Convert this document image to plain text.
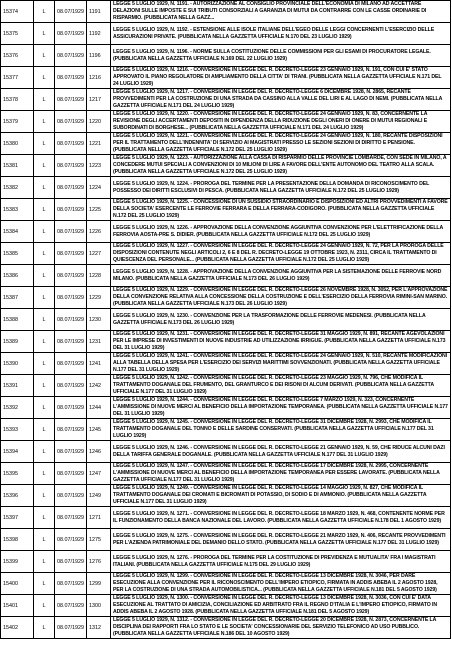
15374	L	08.07/1929	1191	LEGGE 5 LUGLIO 1929, N. 1191. - AUTORIZZAZIONE AL CONSIGLIO PROVINCIALE DELL'ECONOMIA DI MILANO AD ACCETTARE DELAZIONI SULLE IMPOSTE E SUI TRIBUTI CONSORZIALI A GARANZIA DI MUTUI DA CONTRARRE CON LE CASSE ORDINARIE DI RISPARMIO. (PUBBLICATA NELLA GAZZ...

15375	L	08.07/1929	1192	LEGGE 5 LUGLIO 1929, N. 1192. - ESTENSIONE ALLE ISOLE ITALIANE DELL'EGEO DELLE LEGGI CONCERNENTI L'ESERCIZIO DELLE ASSICURAZIONI PRIVATE. (PUBBLICATA NELLA GAZZETTA UFFICIALE N.170 DEL 23 LUGLIO 1929)

15376	L	08.07/1929	1196	LEGGE 5 LUGLIO 1929, N. 1196. - NORME SULLA COSTITUZIONE DELLE COMMISSIONI PER GLI ESAMI DI PROCURATORE LEGALE. (PUBBLICATA NELLA GAZZETTA UFFICIALE N.169 DEL 22 LUGLIO 1929)

15377	L	08.07/1929	1216	LEGGE 5 LUGLIO 1929, N. 1216. - CONVERSIONE IN LEGGE DEL R. DECRETO-LEGGE 23 GENNAIO 1929, N. 191, CON CUI E' STATO APPROVATO IL PIANO REGOLATORE DI AMPLIAMENTO DELLA CITTA' DI TRANI. (PUBBLICATA NELLA GAZZETTA UFFICIALE N.171 DEL 24 LUGLIO 1929)

15378	L	08.07/1929	1217	LEGGE 5 LUGLIO 1929, N. 1217. - CONVERSIONE IN LEGGE DEL R. DECRETO-LEGGE 6 DICEMBRE 1928, N. 2865, RECANTE PROVVEDIMENTI PER LA COSTRUZIONE DI UNA STRADA DA CASSINO ALLA VALLE DEL LIRI E AL LAGO DI NEMI. (PUBBLICATA NELLA GAZZETTA UFFICIALE N.171 DEL 24 LUGLIO 1929)

15379	L	08.07/1929	1220	LEGGE 5 LUGLIO 1929, N. 1220. - CONVERSIONE IN LEGGE DEL R. DECRETO-LEGGE 24 GENNAIO 1929, N. 83, CONCERNENTE LA REVISIONE DEGLI ACCERTAMENTI DEPOSITI IN DIPENDENZA DELLA RIDUZIONE DEGLI ONERI DI ONERE DI MUTUI REGIONALI E SUBORDINATI DI BORGHESE... (PUBBLICATA NELLA GAZZETTA UFFICIALE N.171 DEL 24 LUGLIO 1929)

15380	L	08.07/1929	1221	LEGGE 5 LUGLIO 1929, N. 1221. - CONVERSIONE IN LEGGE DEL R. DECRETO-LEGGE 24 GENNAIO 1929, N. 180, RECANTE DISPOSIZIONI PER IL TRATTAMENTO DELL'INDENNITA' DI SERVIZIO AI MAGISTRATI PRESSO LE SEZIONI SEZIONI DI DIRITTO E PENSIONE. (PUBBLICATA NELLA GAZZETTA UFFICIALE N.172 DEL 25 LUGLIO 1929)

15381	L	08.07/1929	1223	LEGGE 5 LUGLIO 1929, N. 1223. - AUTORIZZAZIONE ALLA CASSA DI RISPARMIO DELLE PROVINCIE LOMBARDE, CON SEDE IN MILANO, A CONCEDERE MUTUI SPECIALI A CONVENZIONI DI 10 MILIONI DI LIRE A FAVORE DELL'ENTE AUTONOMO DEL TEATRO ALLA SCALA. (PUBBLICATA NELLA GAZZETTA UFFICIALE N.172 DEL 25 LUGLIO 1929)

15382	L	08.07/1929	1224	LEGGE 5 LUGLIO 1929, N. 1224. - PROROGA DEL TERMINE PER LA PRESENTAZIONE DELLA DOMANDA DI RICONOSCIMENTO DEL POSSESSO DEI DIRITTI ESCLUSIVI DI PESCA. (PUBBLICATA NELLA GAZZETTA UFFICIALE N.172 DEL 25 LUGLIO 1929)

15383	L	08.07/1929	1225	LEGGE 5 LUGLIO 1929, N. 1225. - CONCESSIONE DI UN SUSSIDIO STRAORDINARIO E DISPOSIZIONI ED ALTRI PROVVEDIMENTI A FAVORE DELLA SOCIETA' ESERCENTE LE FERROVIE FERRARA E DELLA FERRARA-CODIGORO. (PUBBLICATA NELLA GAZZETTA UFFICIALE N.172 DEL 25 LUGLIO 1929)

15384	L	08.07/1929	1226	LEGGE 5 LUGLIO 1929, N. 1226. - APPROVAZIONE DELLA CONVENZIONE AGGIUNTIVA CONVENZIONE PER L'ELETTRIFICAZIONE DELLA FERROVIA AOSTA-PRE S. DIDIER. (PUBBLICATA NELLA GAZZETTA UFFICIALE N.172 DEL 25 LUGLIO 1929)

15385	L	08.07/1929	1227	LEGGE 5 LUGLIO 1929, N. 1227. - CONVERSIONE IN LEGGE DEL R. DECRETO-LEGGE 24 GENNAIO 1929, N. 72, PER LA PROROGA DELLE DISPOSIZIONI CONTENUTE NEGLI ARTICOLI 2, 6 E 8 DEL R. DECRETO-LEGGE 19 OTTOBRE 1923, N. 2311, CIRCA IL TRATTAMENTO DI QUIESCENZA DEL PERSONALE... (PUBBLICATA NELLA GAZZETTA UFFICIALE N.172 DEL 25 LUGLIO 1929)

15386	L	08.07/1929	1228	LEGGE 5 LUGLIO 1929, N. 1228. - APPROVAZIONE DELLA CONVENZIONE AGGIUNTIVA PER LA SISTEMAZIONE DELLE FERROVIE NORD MILANO. (PUBBLICATA NELLA GAZZETTA UFFICIALE N.173 DEL 26 LUGLIO 1929)

15387	L	08.07/1929	1229	LEGGE 5 LUGLIO 1929, N. 1229. - CONVERSIONE IN LEGGE DEL R. DECRETO-LEGGE 26 NOVEMBRE 1928, N. 3052, PER L'APPROVAZIONE DELLA CONVENZIONE RELATIVA ALLA CONCESSIONE DELLA COSTRUZIONE E DELL'ESERCIZIO DELLA FERROVIA RIMINI-SAN MARINO. (PUBBLICATA NELLA GAZZETTA UFFICIALE N.173 DEL 26 LUGLIO 1929)

15388	L	08.07/1929	1230	LEGGE 5 LUGLIO 1929, N. 1230. - CONVENZIONE PER LA TRASFORMAZIONE DELLE FERROVIE MEDENESI. (PUBBLICATA NELLA GAZZETTA UFFICIALE N.173 DEL 26 LUGLIO 1929)

15389	L	08.07/1929	1231	LEGGE 5 LUGLIO 1929, N. 1231. - CONVERSIONE IN LEGGE DEL R. DECRETO-LEGGE 31 MAGGIO 1929, N. 891, RECANTE AGEVOLAZIONI PER LE IMPRESE DI INVESTIMENTI DI NUOVE INDUSTRIE AD UTILIZZAZIONE IRRIGUE. (PUBBLICATA NELLA GAZZETTA UFFICIALE N.173 DEL 31 LUGLIO 1929)

15390	L	08.07/1929	1241	LEGGE 5 LUGLIO 1929, N. 1241. - CONVERSIONE IN LEGGE DEL R. DECRETO-LEGGE 24 GENNAIO 1929, N. 510, RECANTE MODIFICAZIONI ALLA TABELLA DELLA SPESA PER L'ESERCIZIO DEI SERVIZI MARITTIMI SOVVENZIONATI. (PUBBLICATA NELLA GAZZETTA UFFICIALE N.177 DEL 31 LUGLIO 1929)

15391	L	08.07/1929	1242	LEGGE 5 LUGLIO 1929, N. 1242. - CONVERSIONE IN LEGGE DEL R. DECRETO-LEGGE 23 MAGGIO 1929, N. 796, CHE MODIFICA IL TRATTAMENTO DOGANALE DEL FRUMENTO, DEL GRANTURCO E DEI RISONI DI ALCUNI DERIVATI. (PUBBLICATA NELLA GAZZETTA UFFICIALE N.177 DEL 31 LUGLIO 1929)

15392	L	08.07/1929	1244	LEGGE 5 LUGLIO 1929, N. 1244. - CONVERSIONE IN LEGGE DEL R. DECRETO-LEGGE 7 MARZO 1929, N. 323, CONCERNENTE L'AMMISSIONE DI NUOVE MERCI AL BENEFICIO DELLA IMPORTAZIONE TEMPORANEA. (PUBBLICATA NELLA GAZZETTA UFFICIALE N.177 DEL 31 LUGLIO 1929)

15393	L	08.07/1929	1245	LEGGE 5 LUGLIO 1929, N. 1245. - CONVERSIONE IN LEGGE DEL R. DECRETO-LEGGE 31 DICEMBRE 1928, N. 2993, CHE MODIFICA IL TRATTAMENTO DOGANALE DEL TONNO E DELLE SARDINE CONSERVATI. (PUBBLICATA NELLA GAZZETTA UFFICIALE N.177 DEL 31 LUGLIO 1929)

15394	L	08.07/1929	1246	LEGGE 5 LUGLIO 1929, N. 1246. - CONVERSIONE IN LEGGE DEL R. DECRETO-LEGGE 21 GENNAIO 1929, N. 59, CHE RIDUCE ALCUNI DAZI DELLA TARIFFA GENERALE DOGANALE. (PUBBLICATA NELLA GAZZETTA UFFICIALE N.177 DEL 31 LUGLIO 1929)

15395	L	08.07/1929	1247	LEGGE 5 LUGLIO 1929, N. 1247. - CONVERSIONE IN LEGGE DEL R. DECRETO-LEGGE 17 DICEMBRE 1928, N. 2995, CONCERNENTE L'AMMISSIONE DI NUOVE MERCI AL BENEFICIO DELLA IMPORTAZIONE TEMPORANEA PER ESSERE LAVORATE. (PUBBLICATA NELLA GAZZETTA UFFICIALE N.177 DEL 31 LUGLIO 1929)

15396	L	08.07/1929	1249	LEGGE 5 LUGLIO 1929, N. 1249. - CONVERSIONE IN LEGGE DEL R. DECRETO-LEGGE 14 MAGGIO 1929, N. 827, CHE MODIFICA IL TRATTAMENTO DOGANALE DEI CROMATI E BICROMATI DI POTASSIO, DI SODIO E DI AMMONIO. (PUBBLICATA NELLA GAZZETTA UFFICIALE N.177 DEL 31 LUGLIO 1929)

15397	L	08.07/1929	1271	LEGGE 5 LUGLIO 1929, N. 1271. - CONVERSIONE IN LEGGE DEL R. DECRETO-LEGGE 18 MARZO 1929, N. 468, CONTENENTE NORME PER IL FUNZIONAMENTO DELLA BANCA NAZIONALE DEL LAVORO. (PUBBLICATA NELLA GAZZETTA UFFICIALE N.178 DEL 1 AGOSTO 1929)

15398	L	08.07/1929	1275	LEGGE 5 LUGLIO 1929, N. 1275. - CONVERSIONE IN LEGGE DEL R. DECRETO-LEGGE 21 MARZO 1929, N. 406, RECANTE PROVVEDIMENTI PER L'AZIENDA PATRIMONIALE DEL DEMANIO DELLO STATO. (PUBBLICATA NELLA GAZZETTA UFFICIALE N.177 DEL 31 LUGLIO 1929)

15399	L	08.07/1929	1276	LEGGE 5 LUGLIO 1929, N. 1276. - PROROGA DEL TERMINE PER LA COSTITUZIONE DI PREVIDENZA E MUTUALITA' FRA I MAGISTRATI ITALIANI. (PUBBLICATA NELLA GAZZETTA UFFICIALE N.175 DEL 29 LUGLIO 1929)

15400	L	08.07/1929	1299	LEGGE 5 LUGLIO 1929, N. 1299. - CONVERSIONE IN LEGGE DEL R. DECRETO-LEGGE 13 DICEMBRE 1928, N. 3046, PER DARE ESECUZIONE ALLA CONVENZIONE PER IL RICONOSCIMENTO DELL'IMPERO ETIOPICO, FIRMATA IN ADDIS ABEBA IL 2 AGOSTO 1928, PER LA COSTRUZIONE DI UNA STRADA AUTOMOBILISTICA... (PUBBLICATA NELLA GAZZETTA UFFICIALE N.181 DEL 5 AGOSTO 1929)

15401	L	08.07/1929	1300	LEGGE 5 LUGLIO 1929, N. 1300. - CONVERSIONE IN LEGGE DEL R. DECRETO-LEGGE 13 DICEMBRE 1928, N. 3036, CON CUI E' DATA ESECUZIONE AL TRATTATO DI AMICIZIA, CONCILIAZIONE ED ARBITRATO FRA IL REGNO D'ITALIA E L'IMPERO ETIOPICO, FIRMATO IN ADDIS ABEBA IL 2 AGOSTO 1928. (PUBBLICATA NELLA GAZZETTA UFFICIALE N.181 DEL 5 AGOSTO 1929)

15402	L	08.07/1929	1312	LEGGE 5 LUGLIO 1929, N. 1312. - CONVERSIONE IN LEGGE DEL R. DECRETO-LEGGE 20 DICEMBRE 1928, N. 2873, CONCERNENTE LA DISCIPLINA DEI RAPPORTI FRA LO STATO E LE SOCIETA' CONCESSIONARIE DEL SERVIZIO TELEFONICO AD USO PUBBLICO. (PUBBLICATA NELLA GAZZETTA UFFICIALE N.186 DEL 10 AGOSTO 1929)
